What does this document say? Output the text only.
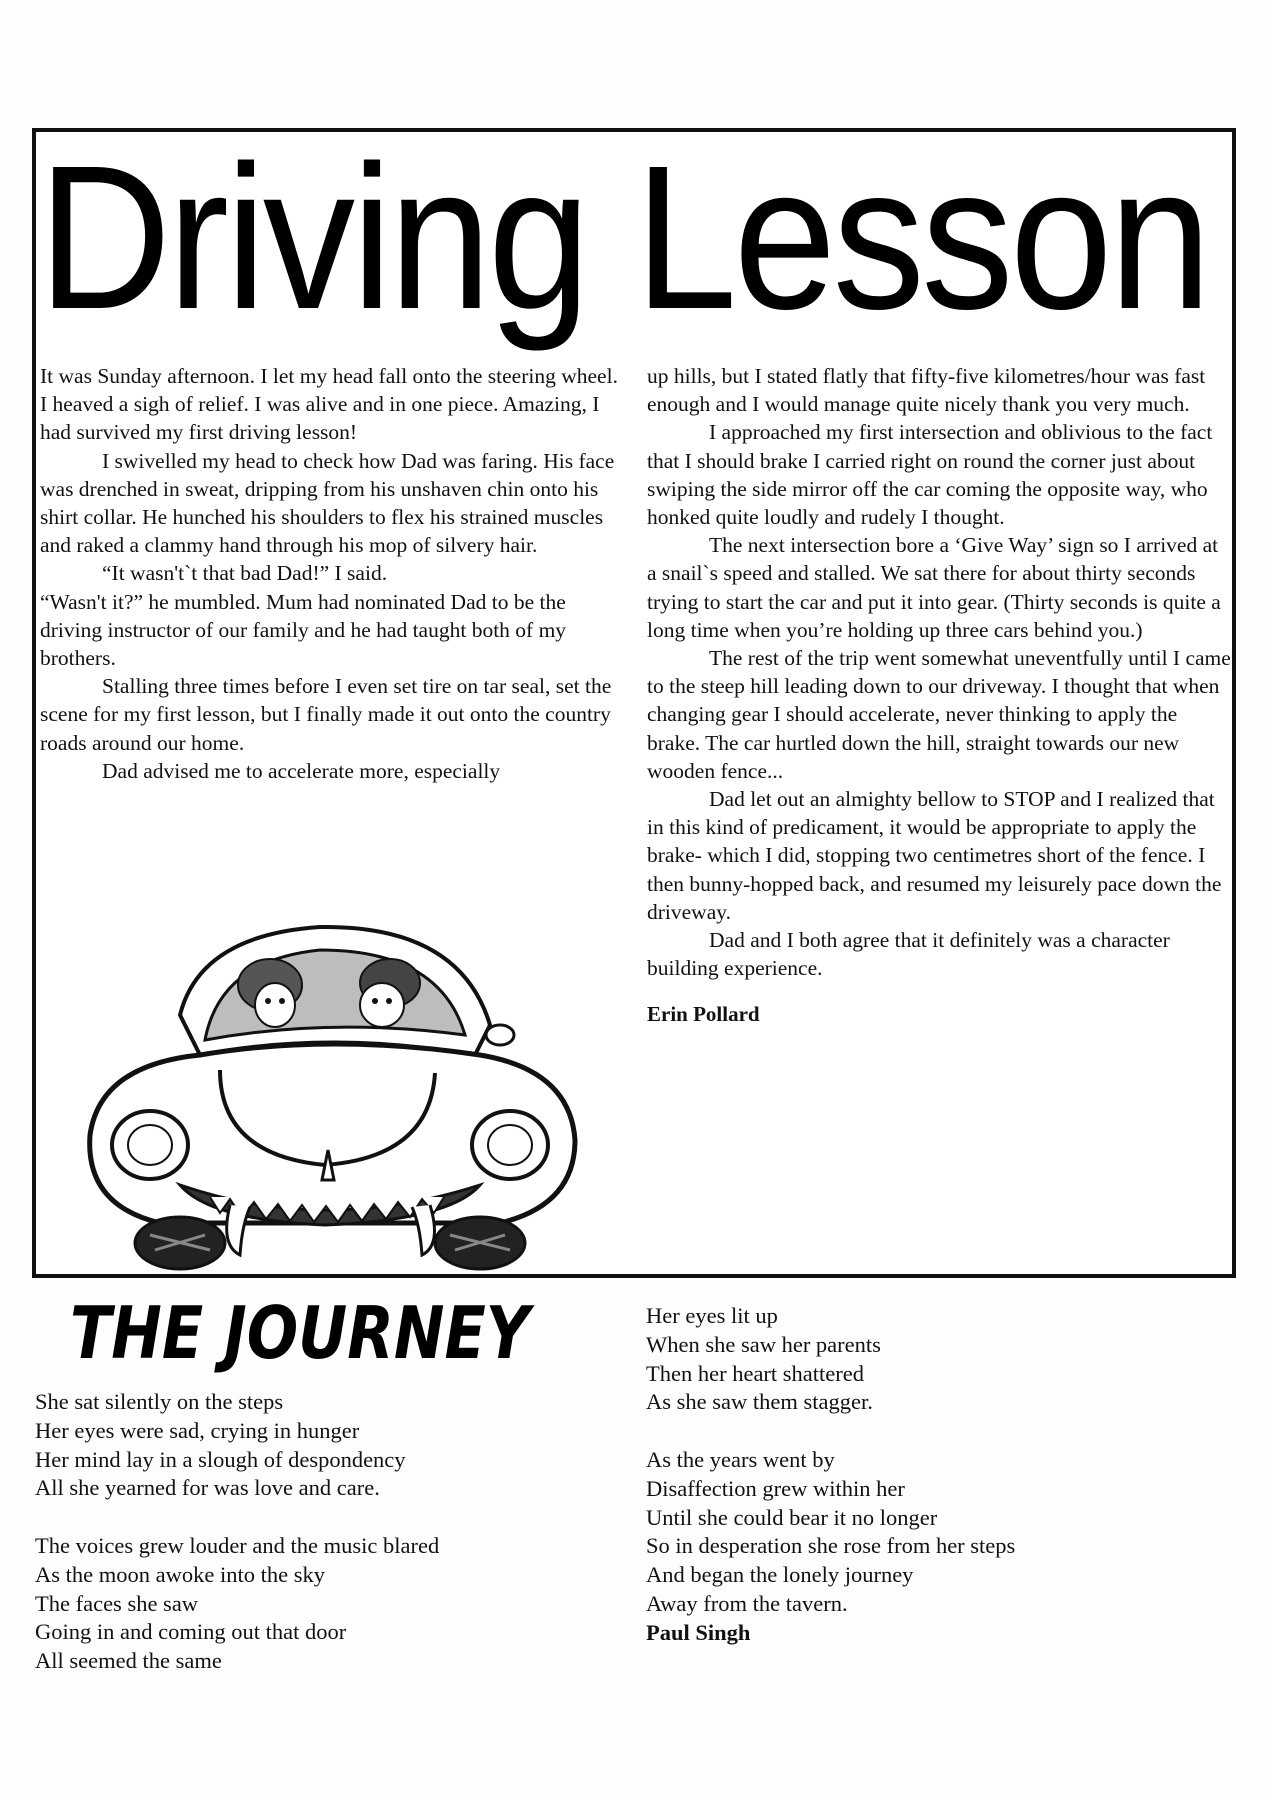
Driving Lesson

It was Sunday afternoon. I let my head fall onto the steering wheel. I heaved a sigh of relief. I was alive and in one piece. Amazing, I had survived my first driving lesson!

I swivelled my head to check how Dad was faring. His face was drenched in sweat, dripping from his unshaven chin onto his shirt collar. He hunched his shoulders to flex his strained muscles and raked a clammy hand through his mop of silvery hair.

“It wasn't`t that bad Dad!” I said.

“Wasn't it?” he mumbled. Mum had nominated Dad to be the driving instructor of our family and he had taught both of my brothers.

Stalling three times before I even set tire on tar seal, set the scene for my first lesson, but I finally made it out onto the country roads around our home.

Dad advised me to accelerate more, especially

up hills, but I stated flatly that fifty-five kilometres/hour was fast enough and I would manage quite nicely thank you very much.

I approached my first intersection and oblivious to the fact that I should brake I carried right on round the corner just about swiping the side mirror off the car coming the opposite way, who honked quite loudly and rudely I thought.

The next intersection bore a ‘Give Way’ sign so I arrived at a snail`s speed and stalled. We sat there for about thirty seconds trying to start the car and put it into gear. (Thirty seconds is quite a long time when you’re holding up three cars behind you.)

The rest of the trip went somewhat uneventfully until I came to the steep hill leading down to our driveway. I thought that when changing gear I should accelerate, never thinking to apply the brake. The car hurtled down the hill, straight towards our new wooden fence...

Dad let out an almighty bellow to STOP and I realized that in this kind of predicament, it would be appropriate to apply the brake- which I did, stopping two centimetres short of the fence. I then bunny-hopped back, and resumed my leisurely pace down the driveway.

Dad and I both agree that it definitely was a character building experience.

Erin Pollard

THE JOURNEY
She sat silently on the steps
Her eyes were sad, crying in hunger
Her mind lay in a slough of despondency
All she yearned for was love and care.
The voices grew louder and the music blared
As the moon awoke into the sky
The faces she saw
Going in and coming out that door
All seemed the same
Her eyes lit up
When she saw her parents
Then her heart shattered
As she saw them stagger.
As the years went by
Disaffection grew within her
Until she could bear it no longer
So in desperation she rose from her steps
And began the lonely journey
Away from the tavern.
Paul Singh
